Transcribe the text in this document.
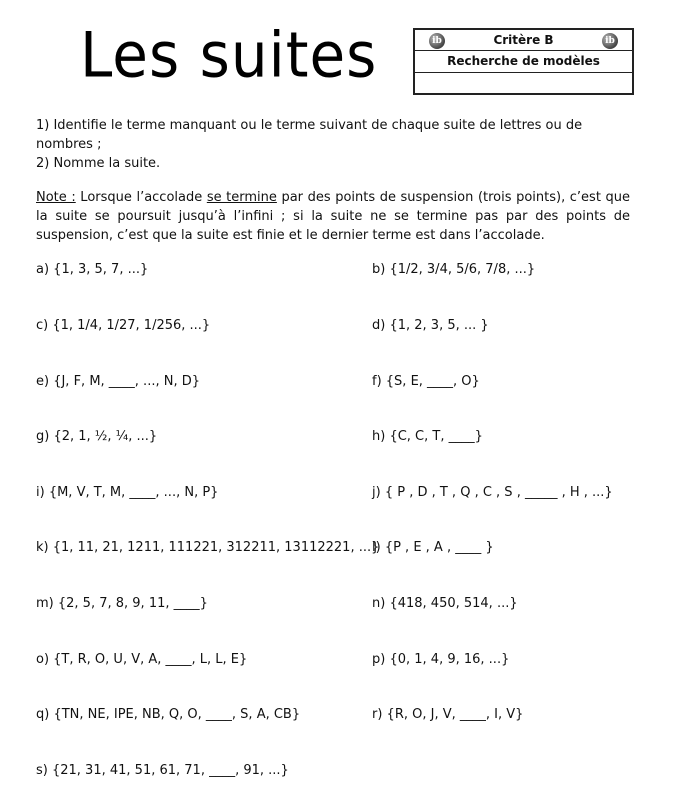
Les suites	ib	Critère B	ib
Recherche de modèles
1) Identifie le terme manquant ou le terme suivant de chaque suite de lettres ou de
nombres ;
2) Nomme la suite.
Note : Lorsque l’accolade se termine par des points de suspension (trois points), c’est que la suite se poursuit jusqu’à l’infini ; si la suite ne se termine pas par des points de suspension, c’est que la suite est finie et le dernier terme est dans l’accolade.
a) {1, 3, 5, 7, ...}	b) {1/2, 3/4, 5/6, 7/8, ...}
c) {1, 1/4, 1/27, 1/256, ...}	d) {1, 2, 3, 5, ... }
e) {J, F, M, ____, ..., N, D}	f) {S, E, ____, O}
g) {2, 1, ½, ¼, ...}	h) {C, C, T, ____}
i) {M, V, T, M, ____, ..., N, P}	j) { P , D , T , Q , C , S , _____ , H , ...}
k) {1, 11, 21, 1211, 111221, 312211, 13112221, ...}
l) {P , E , A , ____ }
m) {2, 5, 7, 8, 9, 11, ____}	n) {418, 450, 514, ...}
o) {T, R, O, U, V, A, ____, L, L, E}	p) {0, 1, 4, 9, 16, ...}
q) {TN, NE, IPE, NB, Q, O, ____, S, A, CB}	r) {R, O, J, V, ____, I, V}
s) {21, 31, 41, 51, 61, 71, ____, 91, ...}
